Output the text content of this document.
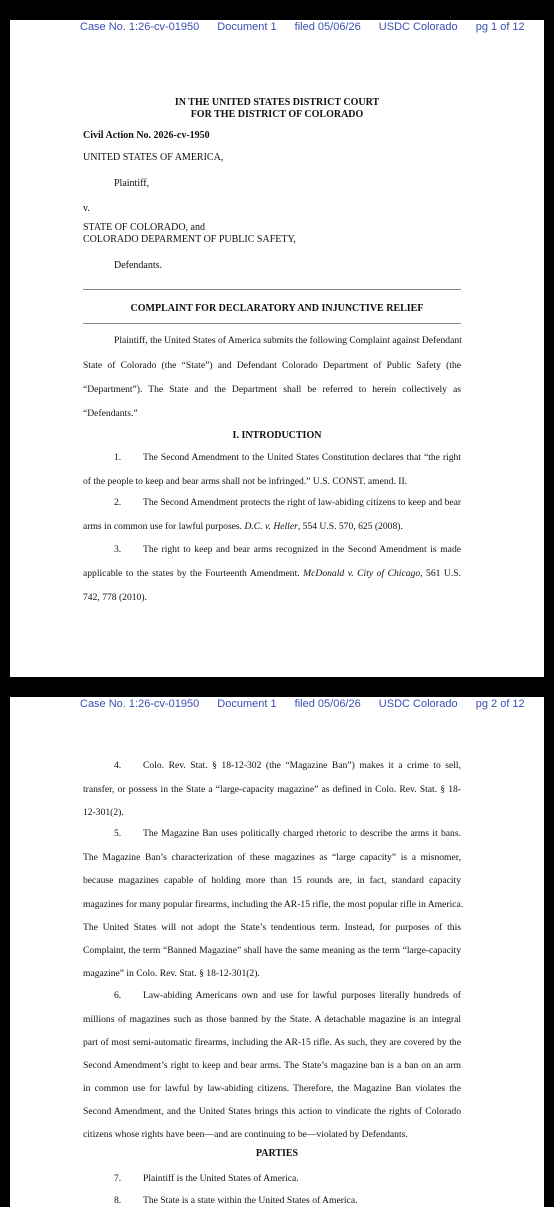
Case No. 1:26-cv-01950 Document 1 filed 05/06/26 USDC Colorado pg 1 of 12
IN THE UNITED STATES DISTRICT COURT
FOR THE DISTRICT OF COLORADO
Civil Action No. 2026-cv-1950
UNITED STATES OF AMERICA,
Plaintiff,
v.
STATE OF COLORADO, and
COLORADO DEPARMENT OF PUBLIC SAFETY,
Defendants.
COMPLAINT FOR DECLARATORY AND INJUNCTIVE RELIEF
Plaintiff, the United States of America submits the following Complaint against Defendant
State of Colorado (the “State”) and Defendant Colorado Department of Public Safety (the
“Department”). The State and the Department shall be referred to herein collectively as
“Defendants.”
I. INTRODUCTION
1. The Second Amendment to the United States Constitution declares that “the right
of the people to keep and bear arms shall not be infringed.” U.S. CONST. amend. II.
2. The Second Amendment protects the right of law-abiding citizens to keep and bear
arms in common use for lawful purposes. D.C. v. Heller, 554 U.S. 570, 625 (2008).
3. The right to keep and bear arms recognized in the Second Amendment is made
applicable to the states by the Fourteenth Amendment. McDonald v. City of Chicago, 561 U.S.
742, 778 (2010).
Case No. 1:26-cv-01950 Document 1 filed 05/06/26 USDC Colorado pg 2 of 12
4. Colo. Rev. Stat. § 18-12-302 (the “Magazine Ban”) makes it a crime to sell,
transfer, or possess in the State a “large-capacity magazine” as defined in Colo. Rev. Stat. § 18-
12-301(2).
5. The Magazine Ban uses politically charged rhetoric to describe the arms it bans.
The Magazine Ban’s characterization of these magazines as “large capacity” is a misnomer,
because magazines capable of holding more than 15 rounds are, in fact, standard capacity
magazines for many popular firearms, including the AR-15 rifle, the most popular rifle in America.
The United States will not adopt the State’s tendentious term. Instead, for purposes of this
Complaint, the term “Banned Magazine” shall have the same meaning as the term “large-capacity
magazine” in Colo. Rev. Stat. § 18-12-301(2).
6. Law-abiding Americans own and use for lawful purposes literally hundreds of
millions of magazines such as those banned by the State. A detachable magazine is an integral
part of most semi-automatic firearms, including the AR-15 rifle. As such, they are covered by the
Second Amendment’s right to keep and bear arms. The State’s magazine ban is a ban on an arm
in common use for lawful by law-abiding citizens. Therefore, the Magazine Ban violates the
Second Amendment, and the United States brings this action to vindicate the rights of Colorado
citizens whose rights have been—and are continuing to be—violated by Defendants.
PARTIES
7. Plaintiff is the United States of America.
8. The State is a state within the United States of America.
